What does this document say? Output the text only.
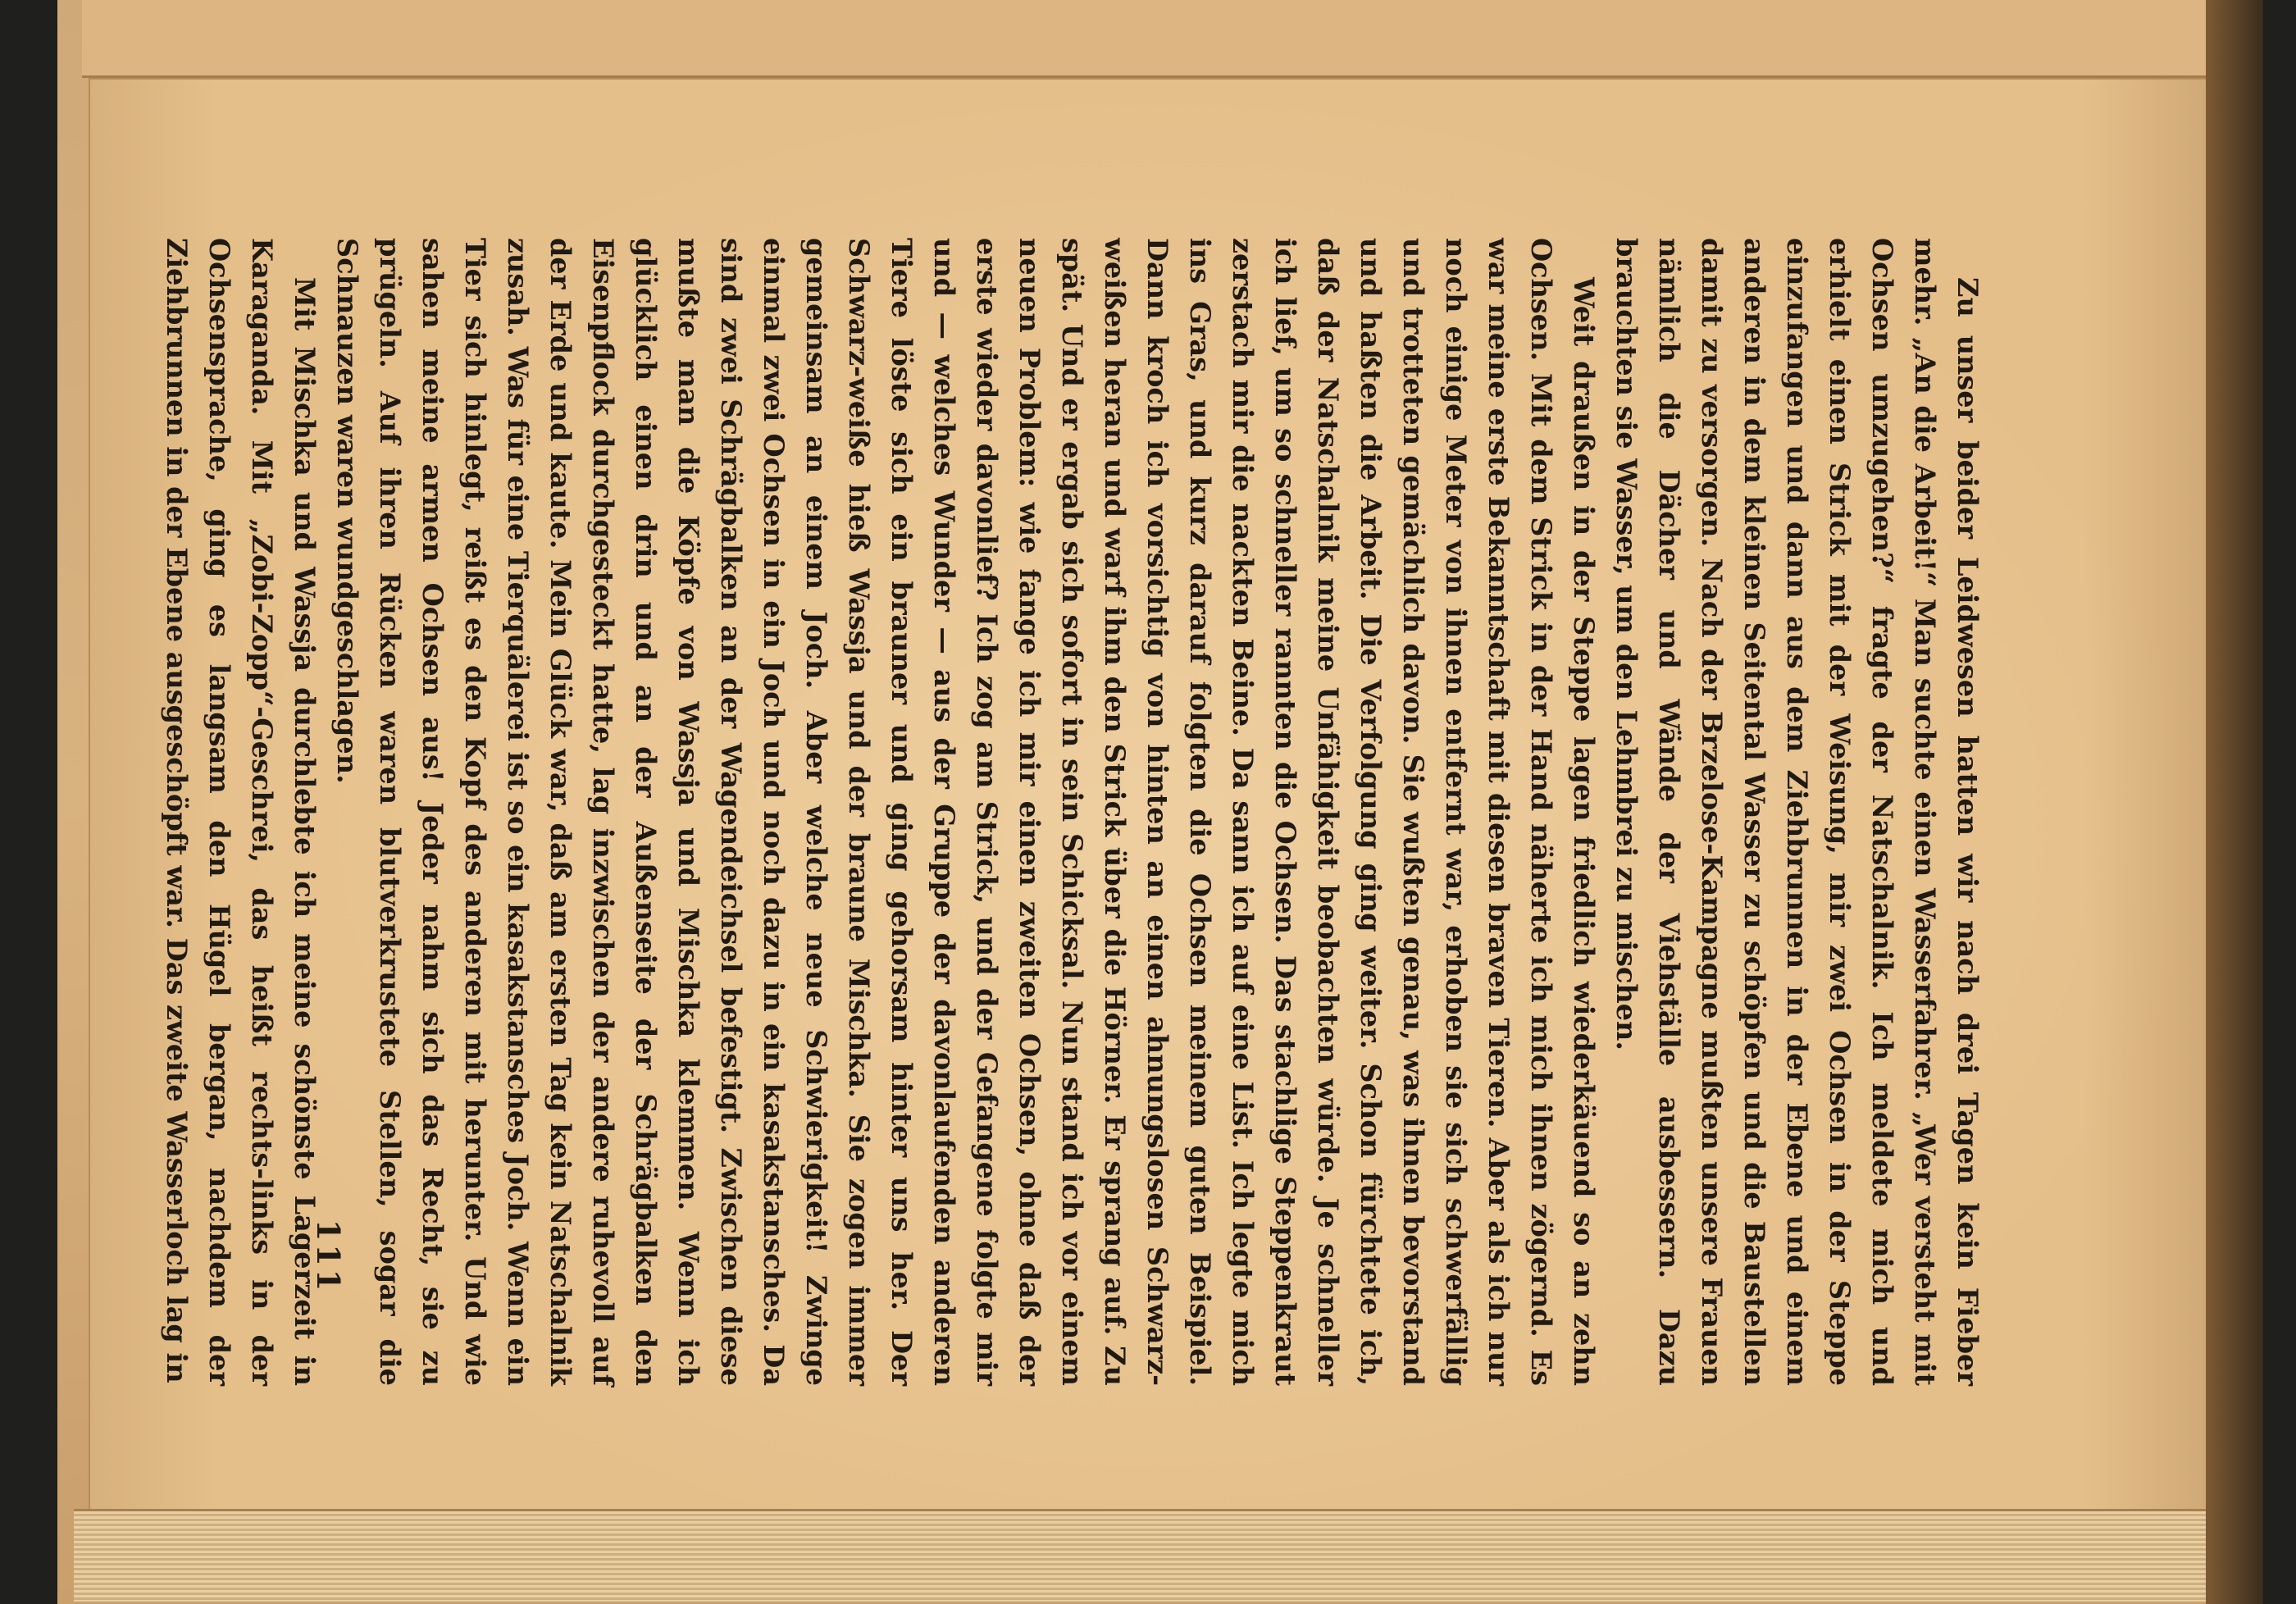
Zu unser beider Leidwesen hatten wir nach drei Tagen kein Fieber mehr. „An die Arbeit!“ Man suchte einen Wasserfahrer. „Wer versteht mit Ochsen umzugehen?“ fragte der Natschalnik. Ich meldete mich und erhielt einen Strick mit der Weisung, mir zwei Ochsen in der Steppe einzufangen und dann aus dem Ziehbrunnen in der Ebene und einem anderen in dem kleinen Seitental Wasser zu schöpfen und die Baustellen damit zu versorgen. Nach der Brzelose-Kampagne mußten unsere Frauen nämlich die Dächer und Wände der Viehställe ausbessern. Dazu brauchten sie Wasser, um den Lehmbrei zu mischen.

Weit draußen in der Steppe lagen friedlich wiederkäuend so an zehn Ochsen. Mit dem Strick in der Hand näherte ich mich ihnen zögernd. Es war meine erste Bekanntschaft mit diesen braven Tieren. Aber als ich nur noch einige Meter von ihnen entfernt war, erhoben sie sich schwerfällig und trotteten gemächlich davon. Sie wußten genau, was ihnen bevorstand und haßten die Arbeit. Die Verfolgung ging weiter. Schon fürchtete ich, daß der Natschalnik meine Unfähigkeit beobachten würde. Je schneller ich lief, um so schneller rannten die Ochsen. Das stachlige Steppenkraut zerstach mir die nackten Beine. Da sann ich auf eine List. Ich legte mich ins Gras, und kurz darauf folgten die Ochsen meinem guten Beispiel. Dann kroch ich vorsichtig von hinten an einen ahnungslosen Schwarz-weißen heran und warf ihm den Strick über die Hörner. Er sprang auf. Zu spät. Und er ergab sich sofort in sein Schicksal. Nun stand ich vor einem neuen Problem: wie fange ich mir einen zweiten Ochsen, ohne daß der erste wieder davonlief? Ich zog am Strick, und der Gefangene folgte mir und — welches Wunder — aus der Gruppe der davonlaufenden anderen Tiere löste sich ein brauner und ging gehorsam hinter uns her. Der Schwarz-weiße hieß Wassja und der braune Mischka. Sie zogen immer gemeinsam an einem Joch. Aber welche neue Schwierigkeit! Zwinge einmal zwei Ochsen in ein Joch und noch dazu in ein kasakstansches. Da sind zwei Schrägbalken an der Wagendeichsel befestigt. Zwischen diese mußte man die Köpfe von Wassja und Mischka klemmen. Wenn ich glücklich einen drin und an der Außenseite der Schrägbalken den Eisenpflock durchgesteckt hatte, lag inzwischen der andere ruhevoll auf der Erde und kaute. Mein Glück war, daß am ersten Tag kein Natschalnik zusah. Was für eine Tierquälerei ist so ein kasakstansches Joch. Wenn ein Tier sich hinlegt, reißt es den Kopf des anderen mit herunter. Und wie sahen meine armen Ochsen aus! Jeder nahm sich das Recht, sie zu prügeln. Auf ihren Rücken waren blutverkrustete Stellen, sogar die Schnauzen waren wundgeschlagen.

Mit Mischka und Wassja durchlebte ich meine schönste Lagerzeit in Karaganda. Mit „Zobi-Zopp“-Geschrei, das heißt rechts-links in der Ochsensprache, ging es langsam den Hügel bergan, nachdem der Ziehbrunnen in der Ebene ausgeschöpft war. Das zweite Wasserloch lag in	111
